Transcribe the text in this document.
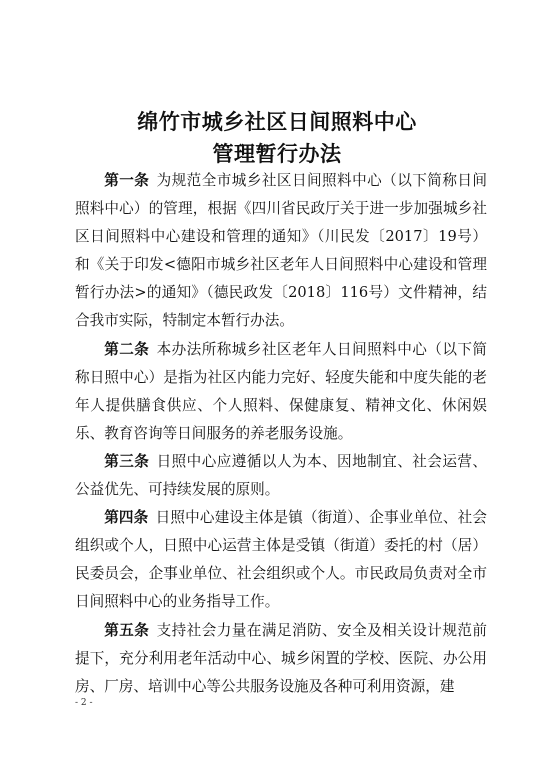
绵竹市城乡社区日间照料中心
管理暂行办法

第一条 为规范全市城乡社区日间照料中心（以下简称日间照料中心）的管理，根据《四川省民政厅关于进一步加强城乡社区日间照料中心建设和管理的通知》（川民发〔2017〕19号）和《关于印发<德阳市城乡社区老年人日间照料中心建设和管理暂行办法>的通知》（德民政发〔2018〕116号）文件精神，结合我市实际，特制定本暂行办法。

第二条 本办法所称城乡社区老年人日间照料中心（以下简称日照中心）是指为社区内能力完好、轻度失能和中度失能的老年人提供膳食供应、个人照料、保健康复、精神文化、休闲娱乐、教育咨询等日间服务的养老服务设施。

第三条 日照中心应遵循以人为本、因地制宜、社会运营、公益优先、可持续发展的原则。

第四条 日照中心建设主体是镇（街道）、企事业单位、社会组织或个人，日照中心运营主体是受镇（街道）委托的村（居）民委员会，企事业单位、社会组织或个人。市民政局负责对全市日间照料中心的业务指导工作。

第五条 支持社会力量在满足消防、安全及相关设计规范前提下，充分利用老年活动中心、城乡闲置的学校、医院、办公用房、厂房、培训中心等公共服务设施及各种可利用资源，建

- 2 -
